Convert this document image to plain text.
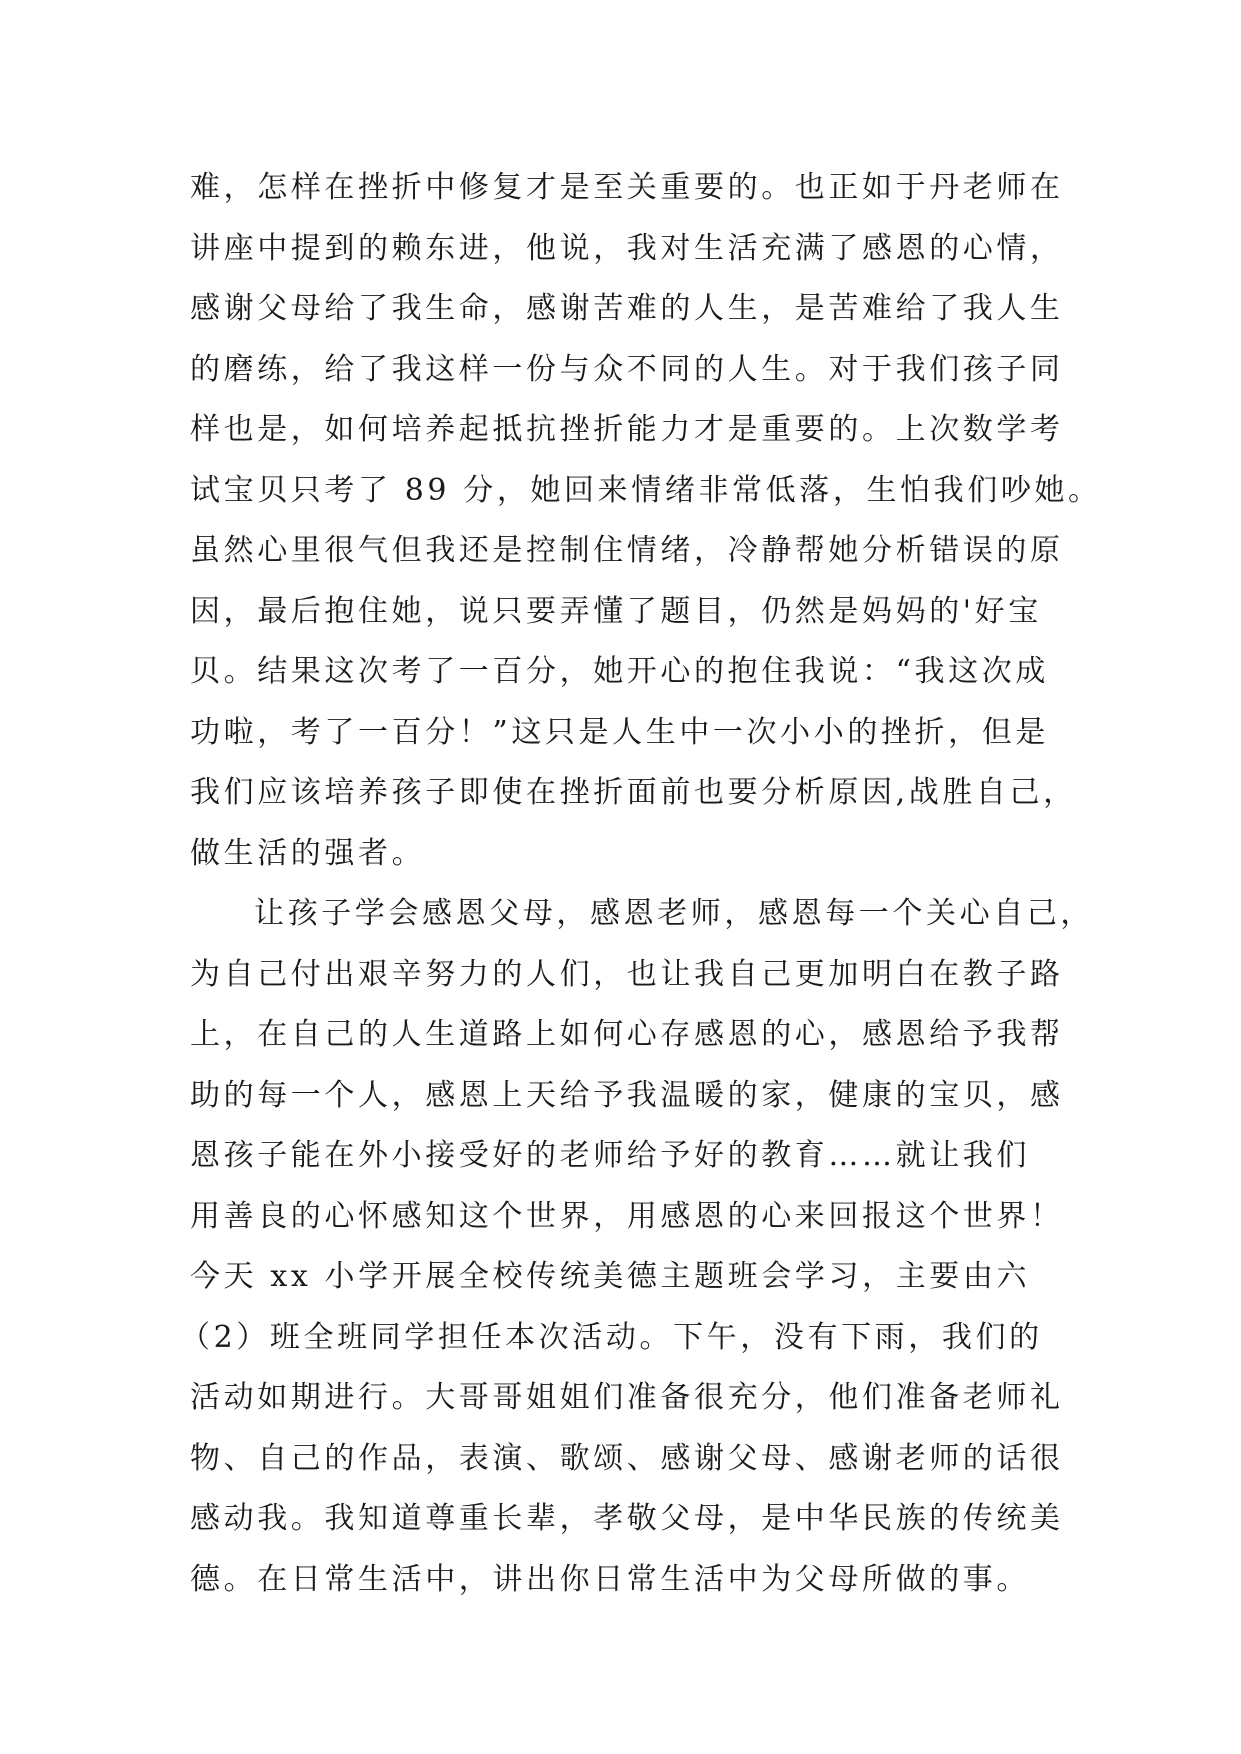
难，怎样在挫折中修复才是至关重要的。也正如于丹老师在
讲座中提到的赖东进，他说，我对生活充满了感恩的心情，
感谢父母给了我生命，感谢苦难的人生，是苦难给了我人生
的磨练，给了我这样一份与众不同的人生。对于我们孩子同
样也是，如何培养起抵抗挫折能力才是重要的。上次数学考
试宝贝只考了 89 分，她回来情绪非常低落，生怕我们吵她。
虽然心里很气但我还是控制住情绪，冷静帮她分析错误的原
因，最后抱住她，说只要弄懂了题目，仍然是妈妈的'好宝
贝。结果这次考了一百分，她开心的抱住我说：“我这次成
功啦，考了一百分！”这只是人生中一次小小的挫折，但是
我们应该培养孩子即使在挫折面前也要分析原因,战胜自己，
做生活的强者。
让孩子学会感恩父母，感恩老师，感恩每一个关心自己，
为自己付出艰辛努力的人们，也让我自己更加明白在教子路
上，在自己的人生道路上如何心存感恩的心，感恩给予我帮
助的每一个人，感恩上天给予我温暖的家，健康的宝贝，感
恩孩子能在外小接受好的老师给予好的教育……就让我们
用善良的心怀感知这个世界，用感恩的心来回报这个世界！
今天 xx 小学开展全校传统美德主题班会学习，主要由六
（2）班全班同学担任本次活动。下午，没有下雨，我们的
活动如期进行。大哥哥姐姐们准备很充分，他们准备老师礼
物、自己的作品，表演、歌颂、感谢父母、感谢老师的话很
感动我。我知道尊重长辈，孝敬父母，是中华民族的传统美
德。在日常生活中，讲出你日常生活中为父母所做的事。
